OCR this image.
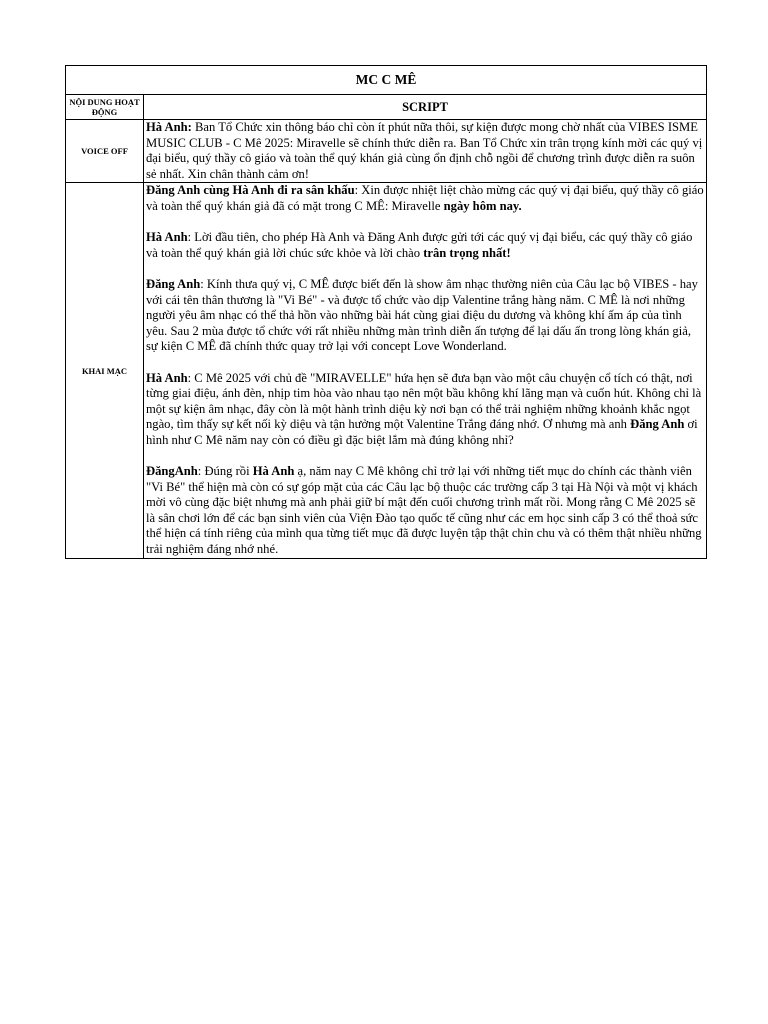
MC C MÊ	
NỘI DUNG HOẠT ĐỘNG	SCRIPT
VOICE OFF	Hà Anh: Ban Tổ Chức xin thông báo chỉ còn ít phút nữa thôi, sự kiện được mong chờ nhất của VIBES ISME MUSIC CLUB - C Mê 2025: Miravelle sẽ chính thức diễn ra. Ban Tổ Chức xin trân trọng kính mời các quý vị đại biểu, quý thầy cô giáo và toàn thể quý khán giả cùng ổn định chỗ ngồi để chương trình được diễn ra suôn sẻ nhất. Xin chân thành cảm ơn!

KHAI MẠC	Đăng Anh cùng Hà Anh đi ra sân khấu: Xin được nhiệt liệt chào mừng các quý vị đại biểu, quý thầy cô giáo và toàn thể quý khán giả đã có mặt trong C MÊ: Miravelle ngày hôm nay.

Hà Anh: Lời đầu tiên, cho phép Hà Anh và Đăng Anh được gửi tới các quý vị đại biểu, các quý thầy cô giáo và toàn thể quý khán giả lời chúc sức khỏe và lời chào trân trọng nhất!

Đăng Anh: Kính thưa quý vị, C MÊ được biết đến là show âm nhạc thường niên của Câu lạc bộ VIBES - hay với cái tên thân thương là "Vi Bé" - và được tổ chức vào dịp Valentine trắng hàng năm. C MÊ là nơi những người yêu âm nhạc có thể thả hồn vào những bài hát cùng giai điệu du dương và không khí ấm áp của tình yêu. Sau 2 mùa được tổ chức với rất nhiều những màn trình diễn ấn tượng để lại dấu ấn trong lòng khán giả, sự kiện C MÊ đã chính thức quay trở lại với concept Love Wonderland.

Hà Anh: C Mê 2025 với chủ đề "MIRAVELLE" hứa hẹn sẽ đưa bạn vào một câu chuyện cổ tích có thật, nơi từng giai điệu, ánh đèn, nhịp tim hòa vào nhau tạo nên một bầu không khí lãng mạn và cuốn hút. Không chỉ là một sự kiện âm nhạc, đây còn là một hành trình diệu kỳ nơi bạn có thể trải nghiệm những khoảnh khắc ngọt ngào, tìm thấy sự kết nối kỳ diệu và tận hưởng một Valentine Trắng đáng nhớ. Ơ nhưng mà anh Đăng Anh ơi hình như C Mê năm nay còn có điều gì đặc biệt lắm mà đúng không nhỉ?

ĐăngAnh: Đúng rồi Hà Anh ạ, năm nay C Mê không chỉ trở lại với những tiết mục do chính các thành viên "Vi Bé" thể hiện mà còn có sự góp mặt của các Câu lạc bộ thuộc các trường cấp 3 tại Hà Nội và một vị khách mời vô cùng đặc biệt nhưng mà anh phải giữ bí mật đến cuối chương trình mất rồi. Mong rằng C Mê 2025 sẽ là sân chơi lớn để các bạn sinh viên của Viện Đào tạo quốc tế cũng như các em học sinh cấp 3 có thể thoả sức thể hiện cá tính riêng của mình qua từng tiết mục đã được luyện tập thật chỉn chu và có thêm thật nhiều những trải nghiệm đáng nhớ nhé.
